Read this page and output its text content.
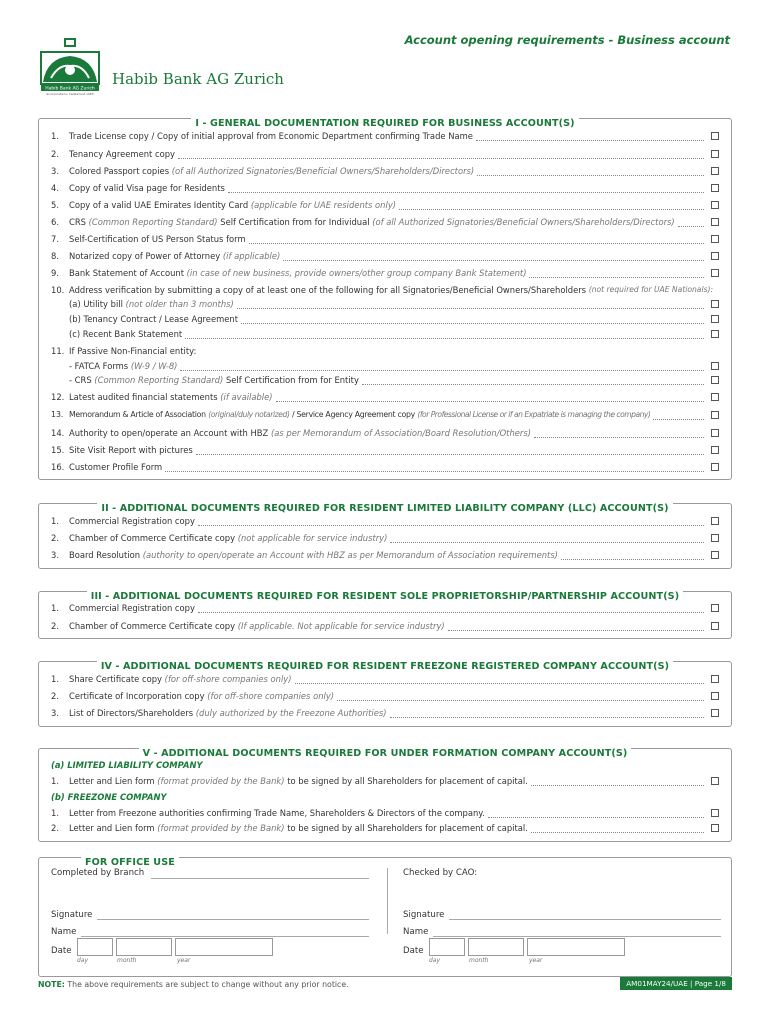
Account opening requirements - Business account
Habib Bank AG Zurich
(incorporated in Switzerland 1967)
Habib Bank AG Zurich
I - GENERAL DOCUMENTATION REQUIRED FOR BUSINESS ACCOUNT(S)
1.	Trade License copy / Copy of initial approval from Economic Department confirming Trade Name
2.	Tenancy Agreement copy
3.	Colored Passport copies
(of all Authorized Signatories/Beneficial Owners/Shareholders/Directors)
4.	Copy of valid Visa page for Residents
5.	Copy of a valid UAE Emirates Identity Card
(applicable for UAE residents only)
6.	CRS
(Common Reporting Standard)
Self Certification from for Individual
(of all Authorized Signatories/Beneficial Owners/Shareholders/Directors)
7.	Self-Certification of US Person Status form
8.	Notarized copy of Power of Attorney
(if applicable)
9.	Bank Statement of Account
(in case of new business, provide owners/other group company Bank Statement)
10. Address verification by submitting a copy of at least one of the following for all Signatories/Beneficial Owners/Shareholders
(not required for UAE Nationals):
(a) Utility bill
(not older than 3 months)
(b) Tenancy Contract / Lease Agreement
(c) Recent Bank Statement
11. If Passive Non-Financial entity:
- FATCA Forms
(W-9 / W-8)
- CRS
(Common Reporting Standard)
Self Certification from for Entity
12. Latest audited financial statements
(if available)
13. Memorandum & Article of Association
(original/duly notarized)
/ Service Agency Agreement copy
(for Professional License or if an Expatriate is managing the company)
14. Authority to open/operate an Account with HBZ
(as per Memorandum of Association/Board Resolution/Others)
15. Site Visit Report with pictures
16. Customer Profile Form
II - ADDITIONAL DOCUMENTS REQUIRED FOR RESIDENT LIMITED LIABILITY COMPANY (LLC) ACCOUNT(S)
1.	Commercial Registration copy
2.	Chamber of Commerce Certificate copy
(not applicable for service industry)
3.	Board Resolution
(authority to open/operate an Account with HBZ as per Memorandum of Association requirements)
III - ADDITIONAL DOCUMENTS REQUIRED FOR RESIDENT SOLE PROPRIETORSHIP/PARTNERSHIP ACCOUNT(S)
1.	Commercial Registration copy
2.	Chamber of Commerce Certificate copy
(If applicable. Not applicable for service industry)
IV - ADDITIONAL DOCUMENTS REQUIRED FOR RESIDENT FREEZONE REGISTERED COMPANY ACCOUNT(S)
1.	Share Certificate copy
(for off-shore companies only)
2.	Certificate of Incorporation copy
(for off-shore companies only)
3.	List of Directors/Shareholders
(duly authorized by the Freezone Authorities)
V - ADDITIONAL DOCUMENTS REQUIRED FOR UNDER FORMATION COMPANY ACCOUNT(S)
(a) LIMITED LIABILITY COMPANY
1.	Letter and Lien form
(format provided by the Bank)
to be signed by all Shareholders for placement of capital.
(b) FREEZONE COMPANY
1.	Letter from Freezone authorities confirming Trade Name, Shareholders & Directors of the company.
2.	Letter and Lien form
(format provided by the Bank)
to be signed by all Shareholders for placement of capital.
FOR OFFICE USE
Completed by Branch	Checked by CAO:
Signature
Name
Date
day	month	year
Signature
Name
Date
day	month	year
NOTE: The above requirements are subject to change without any prior notice.	AM01MAY24/UAE | Page 1/8
